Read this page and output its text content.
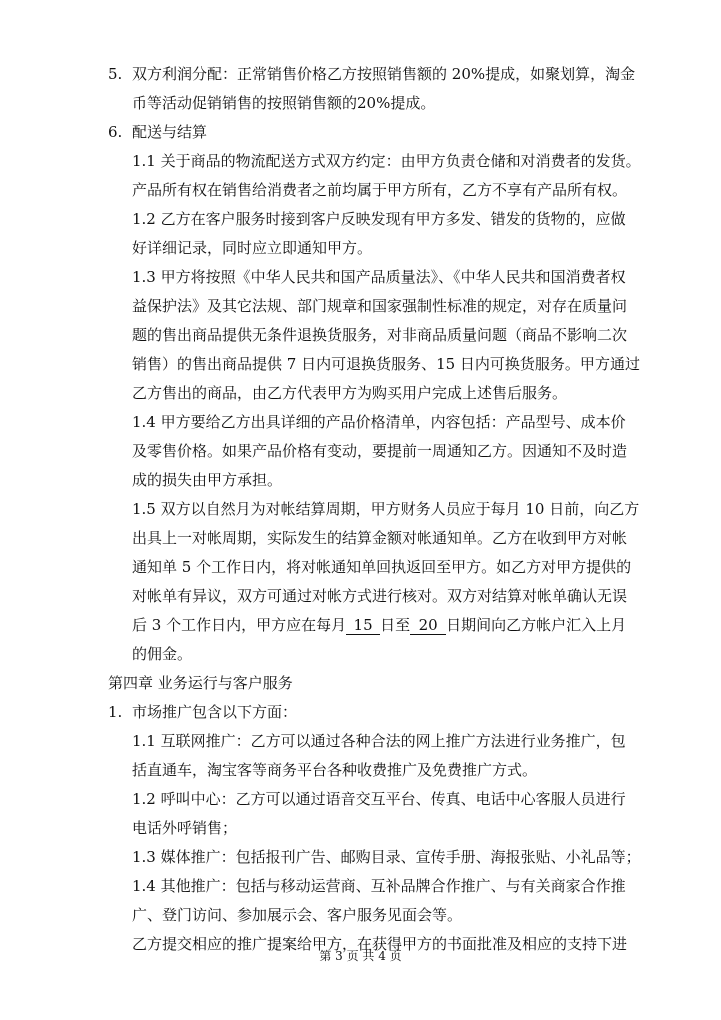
5. 双方利润分配：正常销售价格乙方按照销售额的 20%提成，如聚划算，淘金
币等活动促销销售的按照销售额的20%提成。
6. 配送与结算
1.1 关于商品的物流配送方式双方约定：由甲方负责仓储和对消费者的发货。
产品所有权在销售给消费者之前均属于甲方所有，乙方不享有产品所有权。
1.2 乙方在客户服务时接到客户反映发现有甲方多发、错发的货物的，应做
好详细记录，同时应立即通知甲方。
1.3 甲方将按照《中华人民共和国产品质量法》、《中华人民共和国消费者权
益保护法》及其它法规、部门规章和国家强制性标准的规定，对存在质量问
题的售出商品提供无条件退换货服务，对非商品质量问题（商品不影响二次
销售）的售出商品提供 7 日内可退换货服务、15 日内可换货服务。甲方通过
乙方售出的商品，由乙方代表甲方为购买用户完成上述售后服务。
1.4 甲方要给乙方出具详细的产品价格清单，内容包括：产品型号、成本价
及零售价格。如果产品价格有变动，要提前一周通知乙方。因通知不及时造
成的损失由甲方承担。
1.5 双方以自然月为对帐结算周期，甲方财务人员应于每月 10 日前，向乙方
出具上一对帐周期，实际发生的结算金额对帐通知单。乙方在收到甲方对帐
通知单 5 个工作日内，将对帐通知单回执返回至甲方。如乙方对甲方提供的
对帐单有异议，双方可通过对帐方式进行核对。双方对结算对帐单确认无误
后 3 个工作日内，甲方应在每月 15 日至 20 日期间向乙方帐户汇入上月
的佣金。
第四章 业务运行与客户服务
1. 市场推广包含以下方面：
1.1 互联网推广：乙方可以通过各种合法的网上推广方法进行业务推广，包
括直通车，淘宝客等商务平台各种收费推广及免费推广方式。
1.2 呼叫中心：乙方可以通过语音交互平台、传真、电话中心客服人员进行
电话外呼销售；
1.3 媒体推广：包括报刊广告、邮购目录、宣传手册、海报张贴、小礼品等；
1.4 其他推广：包括与移动运营商、互补品牌合作推广、与有关商家合作推
广、登门访问、参加展示会、客户服务见面会等。
乙方提交相应的推广提案给甲方，在获得甲方的书面批准及相应的支持下进
第 3 页 共 4 页
